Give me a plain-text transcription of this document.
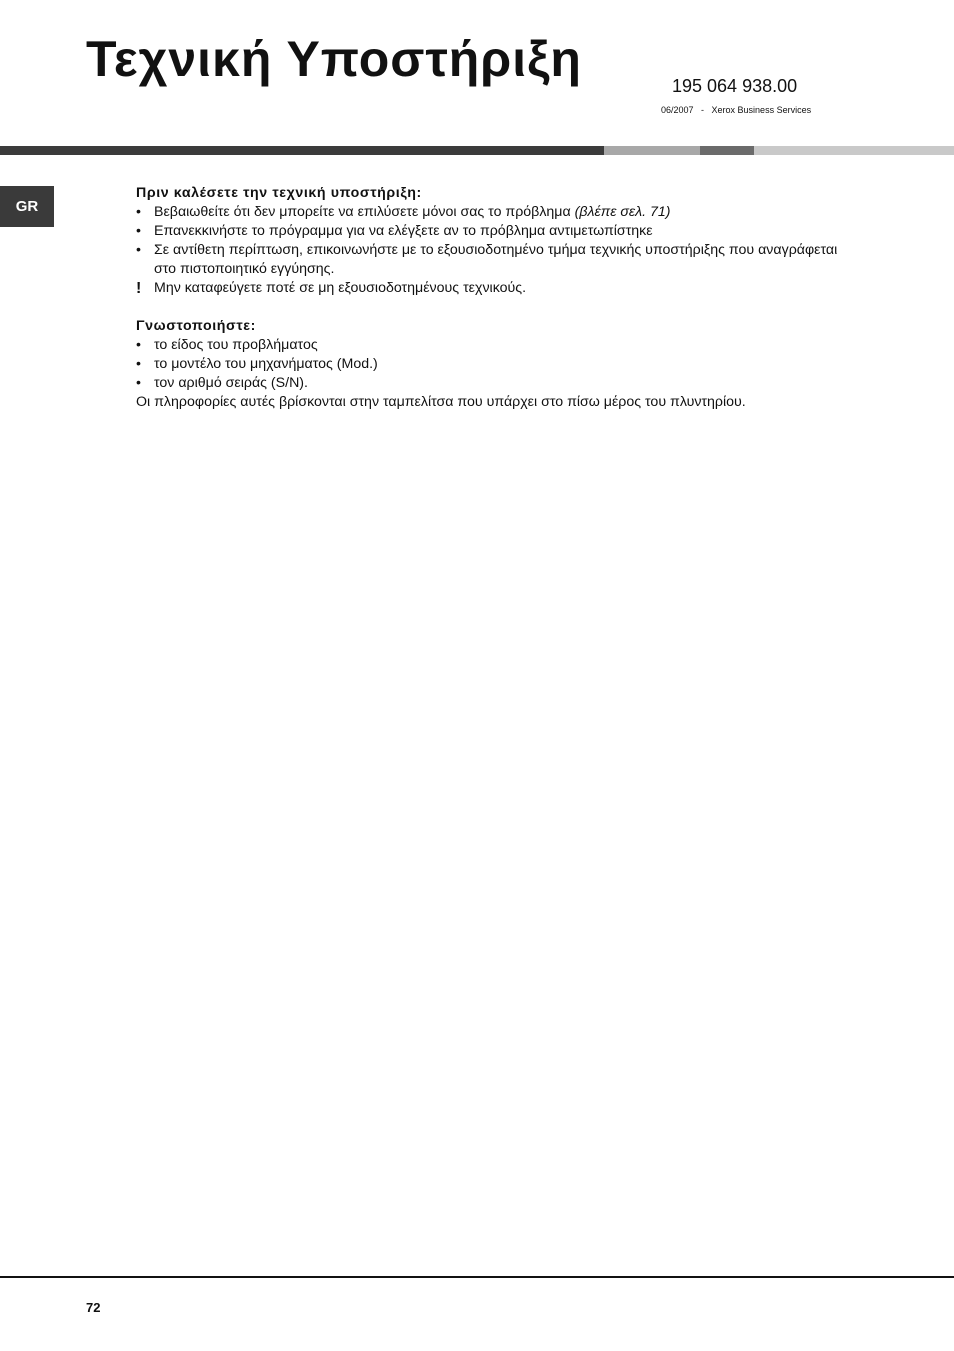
Τεχνική Υποστήριξη	195 064 938.00
06/2007   -   Xerox Business Services
GR
Πριν καλέσετε την τεχνική υποστήριξη:
• Βεβαιωθείτε ότι δεν μπορείτε να επιλύσετε μόνοι σας το πρόβλημα (βλέπε σελ. 71)
• Επανεκκινήστε το πρόγραμμα για να ελέγξετε αν το πρόβλημα αντιμετωπίστηκε
• Σε αντίθετη περίπτωση, επικοινωνήστε με το εξουσιοδοτημένο τμήμα τεχνικής υποστήριξης που αναγράφεται στο πιστοποιητικό εγγύησης.
! Μην καταφεύγετε ποτέ σε μη εξουσιοδοτημένους τεχνικούς.
Γνωστοποιήστε:
• το είδος του προβλήματος
• το μοντέλο του μηχανήματος (Mod.)
• τον αριθμό σειράς (S/N).
Οι πληροφορίες αυτές βρίσκονται στην ταμπελίτσα που υπάρχει στο πίσω μέρος του πλυντηρίου.
72
